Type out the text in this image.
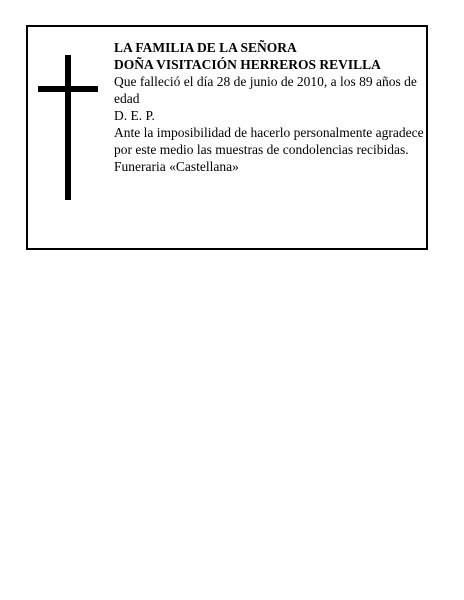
LA FAMILIA DE LA SEÑORA

DOÑA VISITACIÓN HERREROS REVILLA

Que falleció el día 28 de junio de 2010, a los 89 años de edad

D. E. P.

Ante la imposibilidad de hacerlo personalmente agradece por este medio las muestras de condolencias recibidas.

Funeraria «Castellana»
